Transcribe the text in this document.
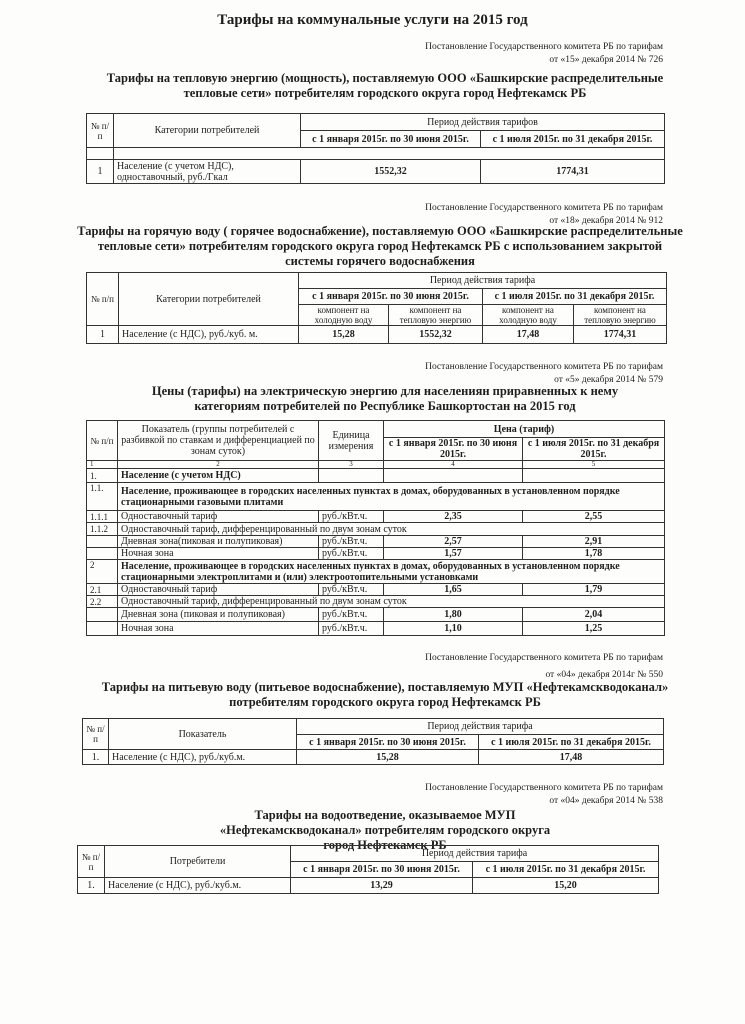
Тарифы на коммунальные услуги на 2015 год
Постановление Государственного комитета РБ по тарифам
от «15» декабря 2014 № 726
Тарифы на тепловую энергию (мощность), поставляемую ООО «Башкирские распределительные тепловые сети» потребителям городского округа город Нефтекамск РБ
№ п/п	Категории потребителей	Период действия тарифов	
		с 1 января 2015г. по 30 июня 2015г.	с 1 июля 2015г. по 31 декабря 2015г.

1	Население (с учетом НДС), одноставочный, руб./Гкал	1552,32	1774,31
Постановление Государственного комитета РБ по тарифам
от «18» декабря 2014 № 912
Тарифы на горячую воду ( горячее водоснабжение), поставляемую ООО «Башкирские распределительные тепловые сети» потребителям городского округа город Нефтекамск РБ с использованием закрытой системы горячего водоснабжения
№ п/п	Категории потребителей	Период действия тарифа			
		с 1 января 2015г. по 30 июня 2015г.		с 1 июля 2015г. по 31 декабря 2015г.	
		компонент на холодную воду	компонент на тепловую энергию	компонент на холодную воду	компонент на тепловую энергию
1	Население (с НДС), руб./куб. м.	15,28	1552,32	17,48	1774,31
Постановление Государственного комитета РБ по тарифам
от «5» декабря 2014 № 579
Цены (тарифы) на электрическую энергию для населениян приравненных к нему категориям потребителей по Республике Башкортостан на 2015 год
№ п/п	Показатель (группы потребителей с разбивкой по ставкам и дифференциацией по зонам суток)	Единица измерения	Цена (тариф)	
			с 1 января 2015г. по 30 июня 2015г.	с 1 июля 2015г. по 31 декабря 2015г.
1	2	3	4	5
1.	Население (с учетом НДС)			
1.1.	Население, проживающее в городских населенных пунктах в домах, оборудованных в установленном порядке стационарными газовыми плитами			
1.1.1	Одноставочный тариф	руб./кВт.ч.	2,35	2,55
1.1.2	Одноставочный тариф, дифференцированный по двум зонам суток			
	Дневная зона(пиковая и полупиковая)	руб./кВт.ч.	2,57	2,91
	Ночная зона	руб./кВт.ч.	1,57	1,78
2	Население, проживающее в городских населенных пунктах в домах, оборудованных в установленном порядке стационарными электроплитами и (или) электроотопительными установками			
2.1	Одноставочный тариф	руб./кВт.ч.	1,65	1,79
2.2	Одноставочный тариф, дифференцированный по двум зонам суток			
	Дневная зона (пиковая и полупиковая)	руб./кВт.ч.	1,80	2,04
	Ночная зона	руб./кВт.ч.	1,10	1,25
Постановление Государственного комитета РБ по тарифам
от «04» декабря 2014г № 550
Тарифы на питьевую воду (питьевое водоснабжение), поставляемую МУП «Нефтекамскводоканал» потребителям городского округа город Нефтекамск РБ
№ п/п	Показатель	Период действия тарифа	
		с 1 января 2015г. по 30 июня 2015г.	с 1 июля 2015г. по 31 декабря 2015г.
1.	Население (с НДС), руб./куб.м.	15,28	17,48
Постановление Государственного комитета РБ по тарифам
от «04» декабря 2014 № 538
Тарифы на водоотведение, оказываемое МУП «Нефтекамскводоканал» потребителям городского округа город Нефтекамск РБ
№ п/п	Потребители	Период действия тарифа	
		с 1 января 2015г. по 30 июня 2015г.	с 1 июля 2015г. по 31 декабря 2015г.
1.	Население (с НДС), руб./куб.м.	13,29	15,20
